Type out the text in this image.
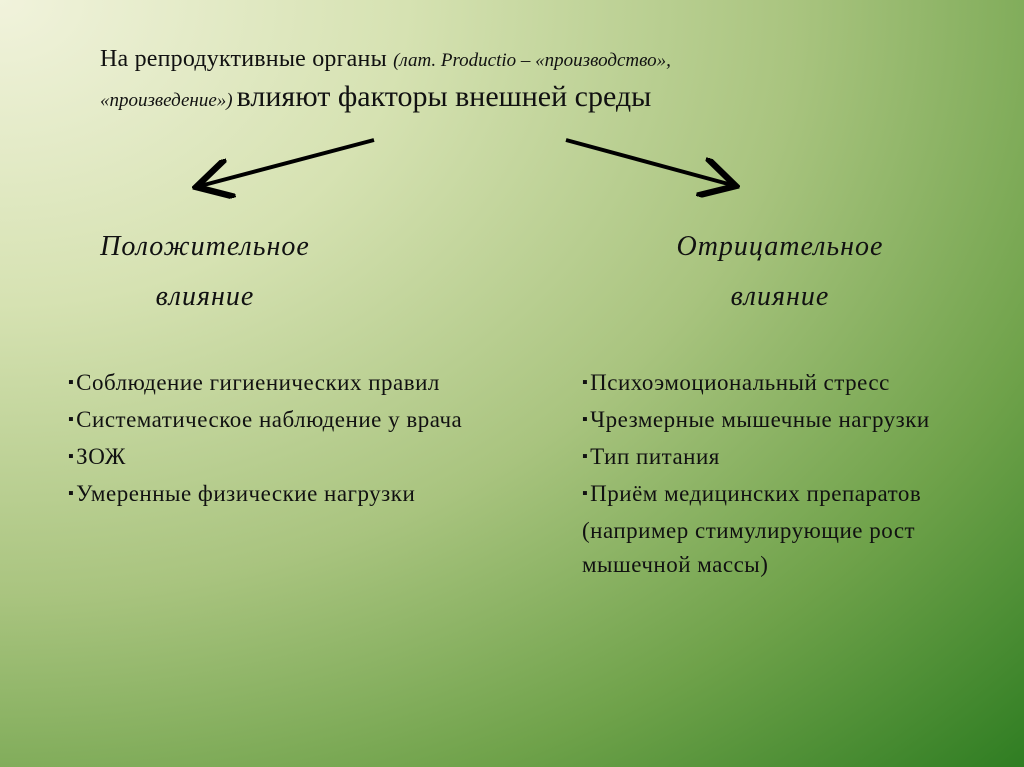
На репродуктивные органы (лат. Productio – «производство»,
«произведение») влияют факторы внешней среды
Положительное
влияние
Отрицательное
влияние
▪ Соблюдение гигиенических правил
▪ Систематическое наблюдение у врача
▪ ЗОЖ
▪ Умеренные физические нагрузки
▪ Психоэмоциональный стресс
▪ Чрезмерные мышечные нагрузки
▪ Тип питания
▪ Приём медицинских препаратов (например стимулирующие рост мышечной массы)
